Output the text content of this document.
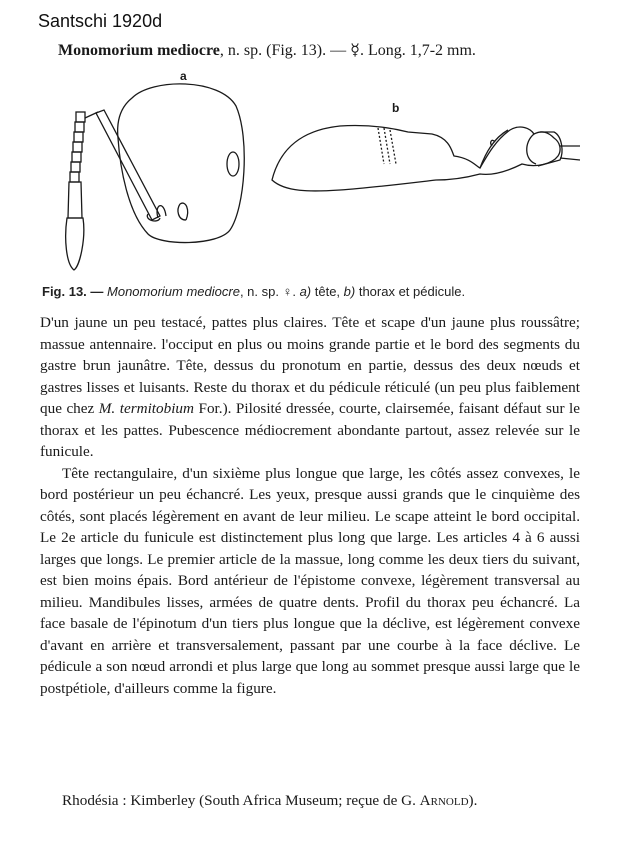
Santschi 1920d
Monomorium mediocre, n. sp. (Fig. 13). — ☿. Long. 1,7-2 mm.
a
b
Fig. 13. — Monomorium mediocre, n. sp. ♀. a) tête, b) thorax et pédicule.

D'un jaune un peu testacé, pattes plus claires. Tête et scape d'un jaune plus roussâtre; massue antennaire. l'occiput en plus ou moins grande partie et le bord des segments du gastre brun jaunâtre. Tête, dessus du pronotum en partie, dessus des deux nœuds et gastres lisses et luisants. Reste du thorax et du pédicule réticulé (un peu plus faiblement que chez M. termitobium For.). Pilosité dressée, courte, clairsemée, faisant défaut sur le thorax et les pattes. Pubescence médiocrement abondante partout, assez relevée sur le funicule.

Tête rectangulaire, d'un sixième plus longue que large, les côtés assez convexes, le bord postérieur un peu échancré. Les yeux, presque aussi grands que le cinquième des côtés, sont placés légèrement en avant de leur milieu. Le scape atteint le bord occipital. Le 2e article du funicule est distinctement plus long que large. Les articles 4 à 6 aussi larges que longs. Le premier article de la massue, long comme les deux tiers du suivant, est bien moins épais. Bord antérieur de l'épistome convexe, légèrement transversal au milieu. Mandibules lisses, armées de quatre dents. Profil du thorax peu échancré. La face basale de l'épinotum d'un tiers plus longue que la déclive, est légèrement convexe d'avant en arrière et transversalement, passant par une courbe à la face déclive. Le pédicule a son nœud arrondi et plus large que long au sommet presque aussi large que le postpétiole, d'ailleurs comme la figure.

Rhodésia : Kimberley (South Africa Museum; reçue de G. Arnold).
